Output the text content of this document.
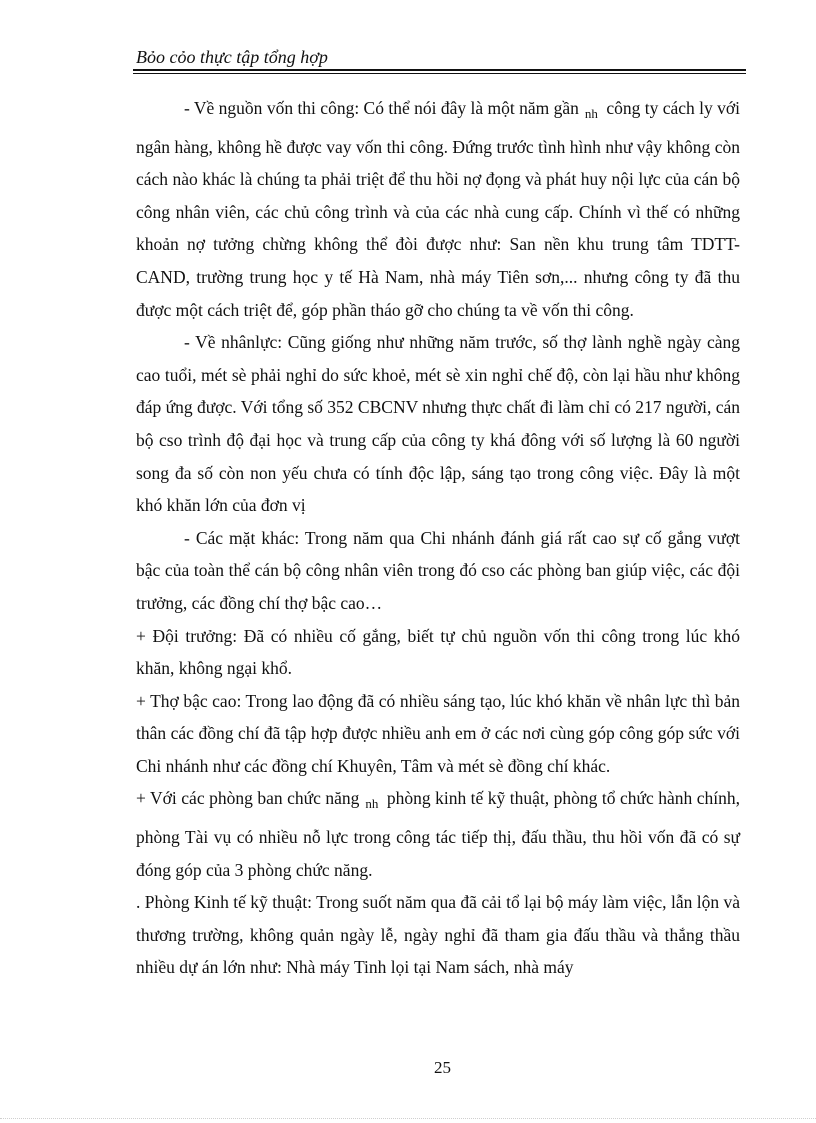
Bỏo cỏo thực tập tổng hợp

- Về nguồn vốn thi công: Có thể nói đây là một năm gần $_{nh}$ công ty cách ly với ngân hàng, không hề được vay vốn thi công. Đứng trước tình hình như vậy không còn cách nào khác là chúng ta phải triệt để thu hồi nợ đọng và phát huy nội lực của cán bộ công nhân viên, các chủ công trình và của các nhà cung cấp. Chính vì thế có những khoản nợ tưởng chừng không thể đòi được như: San nền khu trung tâm TDTT-CAND, trường trung học y tế Hà Nam, nhà máy Tiên sơn,... nhưng công ty đã thu được một cách triệt để, góp phần tháo gỡ cho chúng ta về vốn thi công.

- Về nhânlực: Cũng giống như những năm trước, số thợ lành nghề ngày càng cao tuổi, mét sè phải nghỉ do sức khoẻ, mét sè xin nghỉ chế độ, còn lại hầu như không đáp ứng được. Với tổng số 352 CBCNV nhưng thực chất đi làm chỉ có 217 người, cán bộ cso trình độ đại học và trung cấp của công ty khá đông với số lượng là 60 người song đa số còn non yếu chưa có tính độc lập, sáng tạo trong công việc. Đây là một khó khăn lớn của đơn vị

- Các mặt khác: Trong năm qua Chi nhánh đánh giá rất cao sự cố gắng vượt bậc của toàn thể cán bộ công nhân viên trong đó cso các phòng ban giúp việc, các đội trưởng, các đồng chí thợ bậc cao…

+ Đội trưởng: Đã có nhiều cố gắng, biết tự chủ nguồn vốn thi công trong lúc khó khăn, không ngại khổ.

+ Thợ bậc cao: Trong lao động đã có nhiều sáng tạo, lúc khó khăn về nhân lực thì bản thân các đồng chí đã tập hợp được nhiều anh em ở các nơi cùng góp công góp sức với Chi nhánh như các đồng chí Khuyên, Tâm và mét sè đồng chí khác.

+ Với các phòng ban chức năng $_{nh}$ phòng kinh tế kỹ thuật, phòng tổ chức hành chính, phòng Tài vụ có nhiều nỗ lực trong công tác tiếp thị, đấu thầu, thu hồi vốn đã có sự đóng góp của 3 phòng chức năng.

. Phòng Kinh tế kỹ thuật: Trong suốt năm qua đã cải tổ lại bộ máy làm việc, lẫn lộn và thương trường, không quản ngày lễ, ngày nghỉ đã tham gia đấu thầu và thắng thầu nhiều dự án lớn như: Nhà máy Tinh lọi tại Nam sách, nhà máy

25
